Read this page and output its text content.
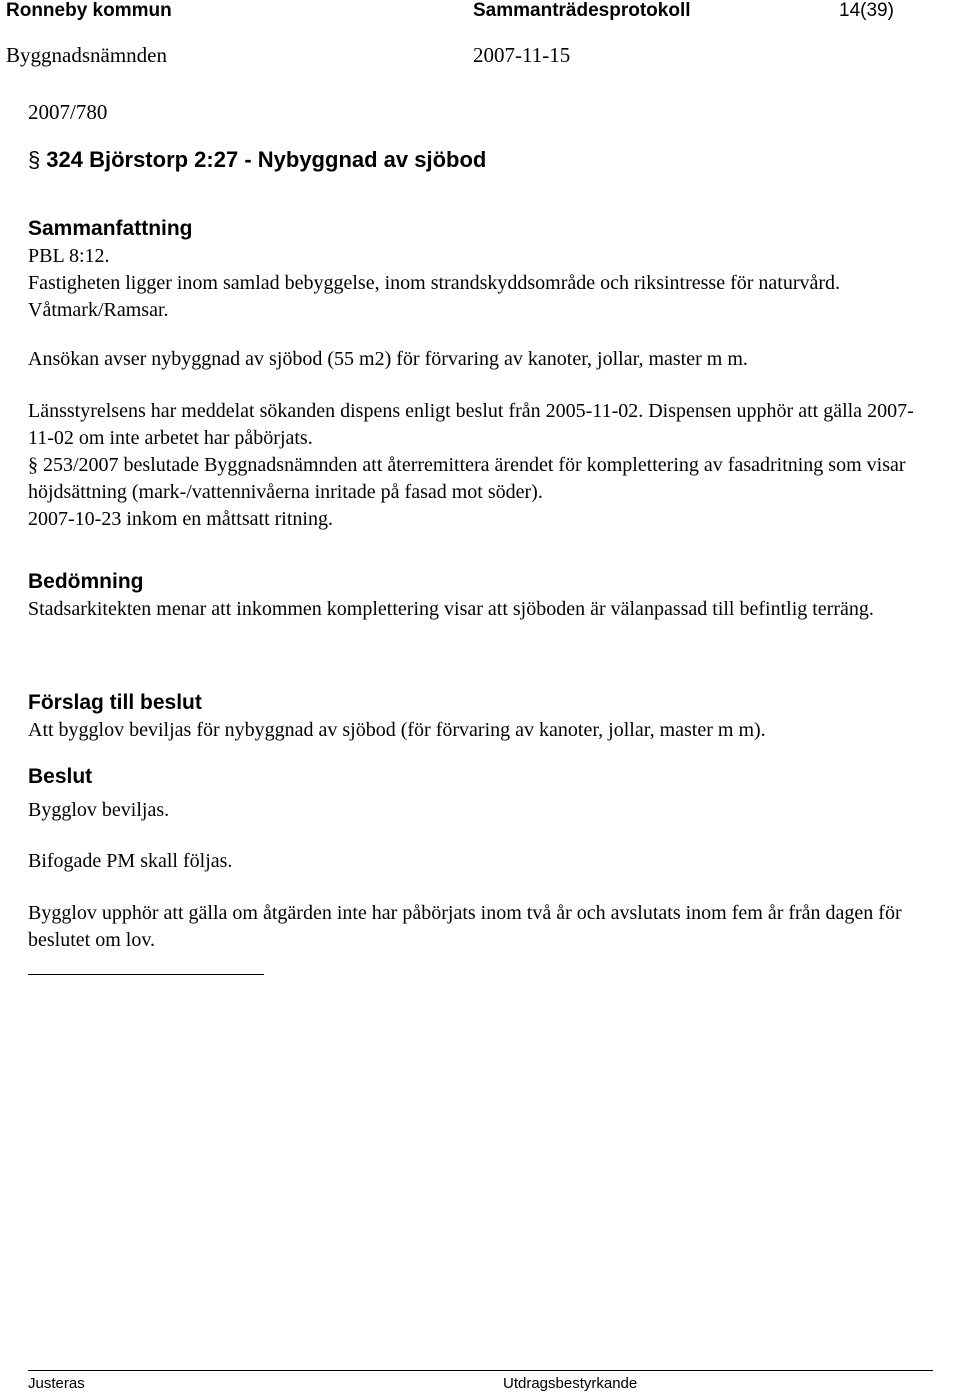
Ronneby kommun	Sammanträdesprotokoll	14(39)
Byggnadsnämnden	2007-11-15
2007/780
§ 324 Björstorp 2:27 - Nybyggnad av sjöbod
Sammanfattning
PBL 8:12.
Fastigheten ligger inom samlad bebyggelse, inom strandskyddsområde och riksintresse för naturvård. Våtmark/Ramsar.
Ansökan avser nybyggnad av sjöbod (55 m2) för förvaring av kanoter, jollar, master m m.
Länsstyrelsens har meddelat sökanden dispens enligt beslut från 2005-11-02. Dispensen upphör att gälla 2007-11-02 om inte arbetet har påbörjats.
§ 253/2007 beslutade Byggnadsnämnden att återremittera ärendet för komplettering av fasadritning som visar höjdsättning (mark-/vattennivåerna inritade på fasad mot söder).
2007-10-23 inkom en måttsatt ritning.
Bedömning
Stadsarkitekten menar att inkommen komplettering visar att sjöboden är välanpassad till befintlig terräng.
Förslag till beslut
Att bygglov beviljas för nybyggnad av sjöbod (för förvaring av kanoter, jollar, master m m).
Beslut
Bygglov beviljas.
Bifogade PM skall följas.
Bygglov upphör att gälla om åtgärden inte har påbörjats inom två år och avslutats inom fem år från dagen för beslutet om lov.
Justeras	Utdragsbestyrkande
